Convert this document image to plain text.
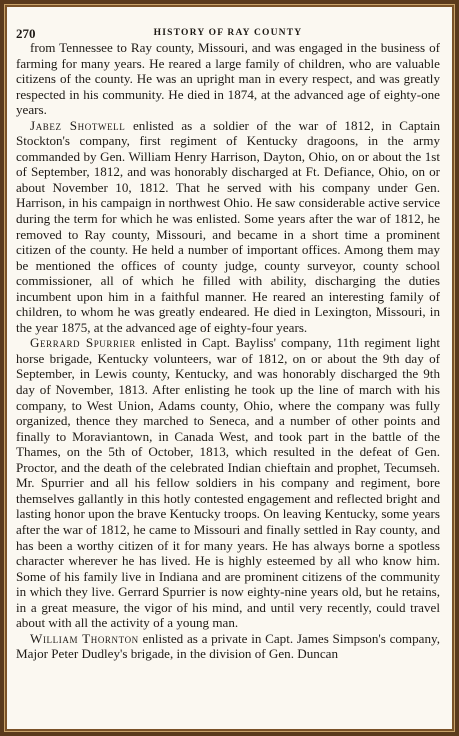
270	HISTORY OF RAY COUNTY

from Tennessee to Ray county, Missouri, and was engaged in the business of farming for many years. He reared a large family of children, who are valuable citizens of the county. He was an upright man in every respect, and was greatly respected in his community. He died in 1874, at the advanced age of eighty-one years.

Jabez Shotwell enlisted as a soldier of the war of 1812, in Captain Stockton's company, first regiment of Kentucky dragoons, in the army commanded by Gen. William Henry Harrison, Dayton, Ohio, on or about the 1st of September, 1812, and was honorably discharged at Ft. Defiance, Ohio, on or about November 10, 1812. That he served with his company under Gen. Harrison, in his campaign in northwest Ohio. He saw considerable active service during the term for which he was enlisted. Some years after the war of 1812, he removed to Ray county, Missouri, and became in a short time a prominent citizen of the county. He held a number of important offices. Among them may be mentioned the offices of county judge, county surveyor, county school commissioner, all of which he filled with ability, discharging the duties incumbent upon him in a faithful manner. He reared an interesting family of children, to whom he was greatly endeared. He died in Lexington, Missouri, in the year 1875, at the advanced age of eighty-four years.

Gerrard Spurrier enlisted in Capt. Bayliss' company, 11th regiment light horse brigade, Kentucky volunteers, war of 1812, on or about the 9th day of September, in Lewis county, Kentucky, and was honorably discharged the 9th day of November, 1813. After enlisting he took up the line of march with his company, to West Union, Adams county, Ohio, where the company was fully organized, thence they marched to Seneca, and a number of other points and finally to Moraviantown, in Canada West, and took part in the battle of the Thames, on the 5th of October, 1813, which resulted in the defeat of Gen. Proctor, and the death of the celebrated Indian chieftain and prophet, Tecumseh. Mr. Spurrier and all his fellow soldiers in his company and regiment, bore themselves gallantly in this hotly contested engagement and reflected bright and lasting honor upon the brave Kentucky troops. On leaving Kentucky, some years after the war of 1812, he came to Missouri and finally settled in Ray county, and has been a worthy citizen of it for many years. He has always borne a spotless character wherever he has lived. He is highly esteemed by all who know him. Some of his family live in Indiana and are prominent citizens of the community in which they live. Gerrard Spurrier is now eighty-nine years old, but he retains, in a great measure, the vigor of his mind, and until very recently, could travel about with all the activity of a young man.

William Thornton enlisted as a private in Capt. James Simpson's company, Major Peter Dudley's brigade, in the division of Gen. Duncan
